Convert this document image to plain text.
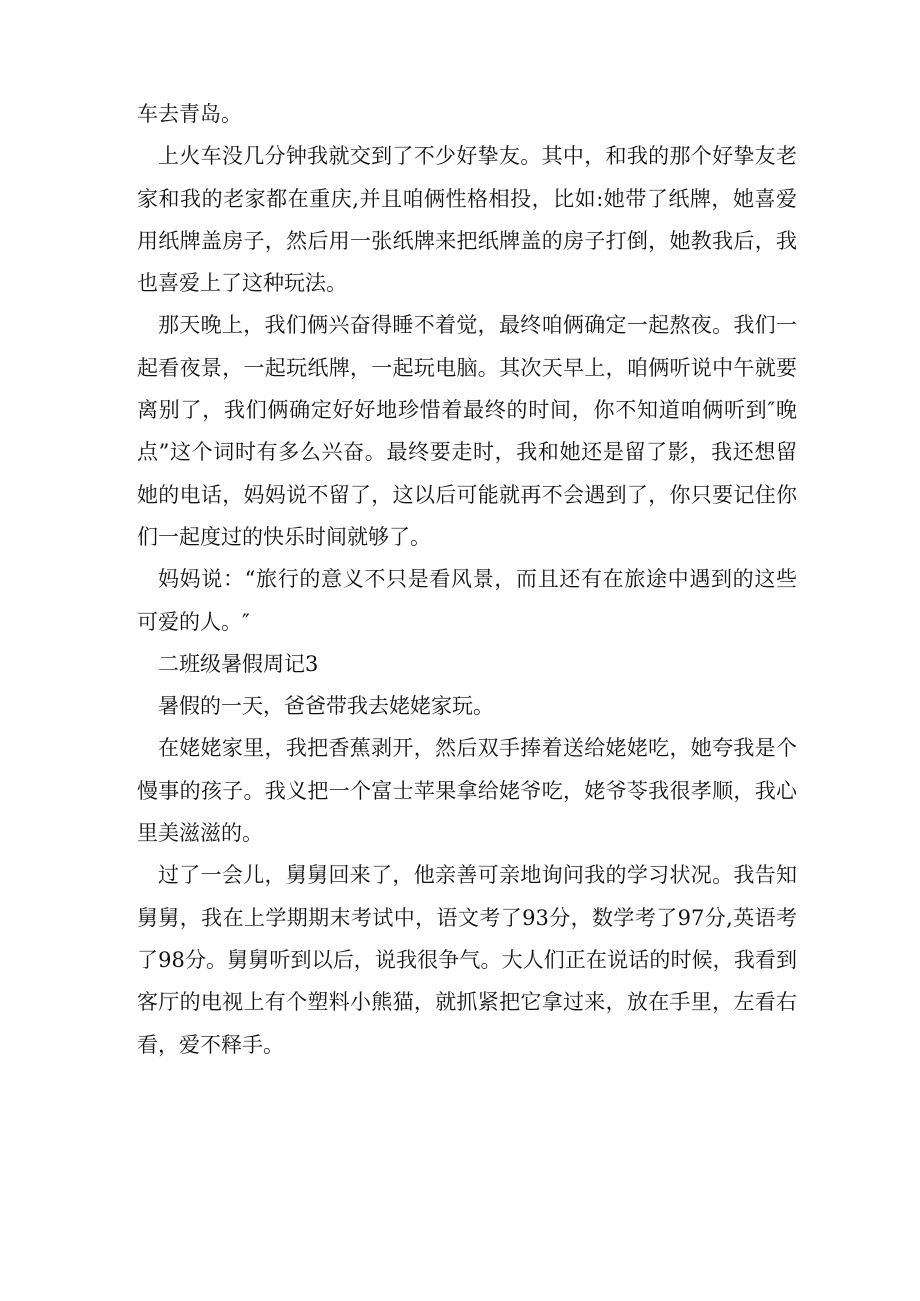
车去青岛。

上火车没几分钟我就交到了不少好挚友。其中，和我的那个好挚友老家和我的老家都在重庆,并且咱俩性格相投，比如:她带了纸牌，她喜爱用纸牌盖房子，然后用一张纸牌来把纸牌盖的房子打倒，她教我后，我也喜爱上了这种玩法。

那天晚上，我们俩兴奋得睡不着觉，最终咱俩确定一起熬夜。我们一起看夜景，一起玩纸牌，一起玩电脑。其次天早上，咱俩听说中午就要离别了，我们俩确定好好地珍惜着最终的时间，你不知道咱俩听到″晚点”这个词时有多么兴奋。最终要走时，我和她还是留了影，我还想留她的电话，妈妈说不留了，这以后可能就再不会遇到了，你只要记住你们一起度过的快乐时间就够了。

妈妈说：“旅行的意义不只是看风景，而且还有在旅途中遇到的这些可爱的人。″

二班级暑假周记3

暑假的一天，爸爸带我去姥姥家玩。

在姥姥家里，我把香蕉剥开，然后双手捧着送给姥姥吃，她夸我是个慢事的孩子。我义把一个富士苹果拿给姥爷吃，姥爷苓我很孝顺，我心里美滋滋的。

过了一会儿，舅舅回来了，他亲善可亲地询问我的学习状况。我告知舅舅，我在上学期期末考试中，语文考了93分，数学考了97分,英语考了98分。舅舅听到以后，说我很争气。大人们正在说话的时候，我看到客厅的电视上有个塑料小熊猫，就抓紧把它拿过来，放在手里，左看右看，爱不释手。
